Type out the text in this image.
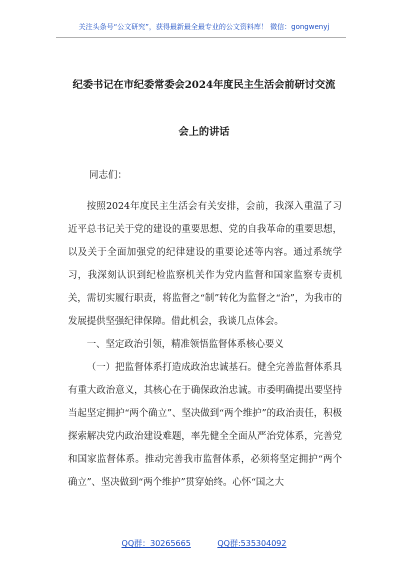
关注头条号“公文研究”，获得最新最全最专业的公文资料库！ 微信：gongwenyj
纪委书记在市纪委常委会2024年度民主生活会前研讨交流
会上的讲话
同志们：

按照2024年度民主生活会有关安排，会前，我深入重温了习近平总书记关于党的建设的重要思想、党的自我革命的重要思想，以及关于全面加强党的纪律建设的重要论述等内容。通过系统学习，我深刻认识到纪检监察机关作为党内监督和国家监察专责机关，需切实履行职责，将监督之“制”转化为监督之“治”，为我市的发展提供坚强纪律保障。借此机会，我谈几点体会。

一、坚定政治引领，精准领悟监督体系核心要义

（一）把监督体系打造成政治忠诚基石。健全完善监督体系具有重大政治意义，其核心在于确保政治忠诚。市委明确提出要坚持当起坚定拥护“两个确立”、坚决做到“两个维护”的政治责任，积极探索解决党内政治建设难题，率先健全全面从严治党体系，完善党和国家监督体系。推动完善我市监督体系，必须将坚定拥护“两个确立”、坚决做到“两个维护”贯穿始终。心怀“国之大

QQ群：30265665	QQ群:535304092
